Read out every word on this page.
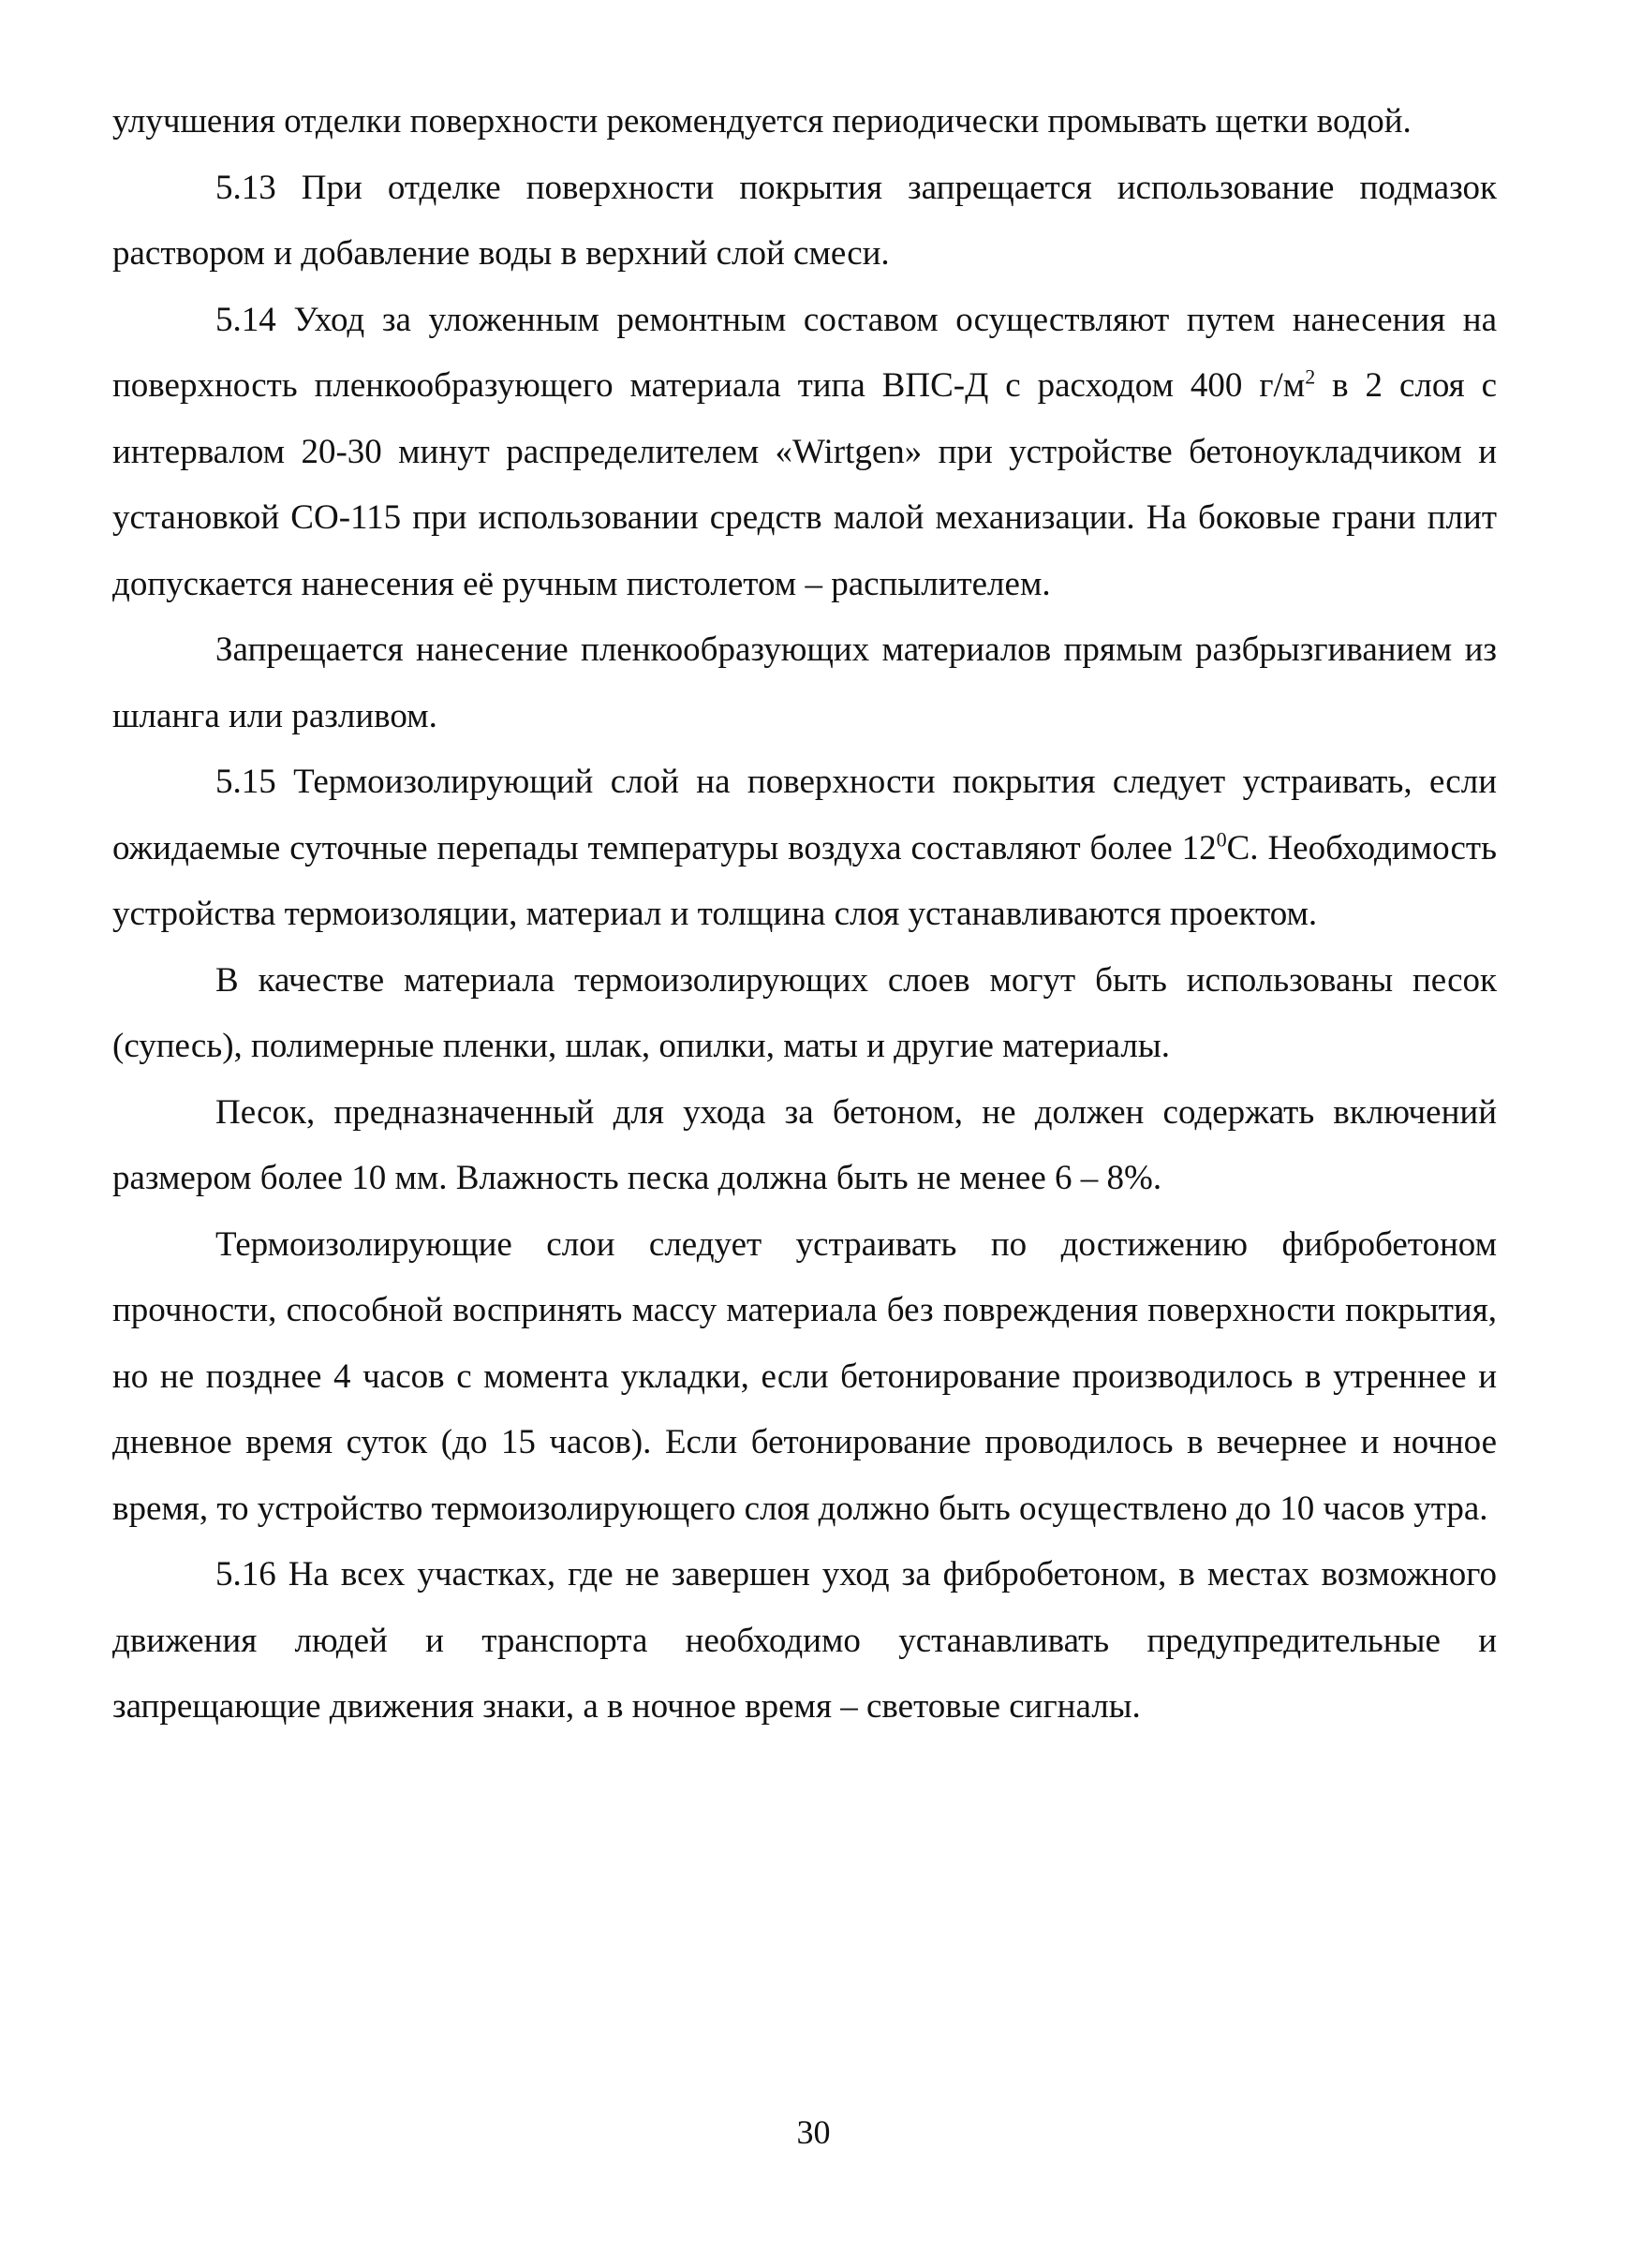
улучшения отделки поверхности рекомендуется периодически промывать щетки водой.

5.13 При отделке поверхности покрытия запрещается использование подмазок раствором и добавление воды в верхний слой смеси.

5.14 Уход за уложенным ремонтным составом осуществляют путем нанесения на поверхность пленкообразующего материала типа ВПС-Д с расходом 400 $г/м^2$ в 2 слоя с интервалом 20-30 минут распределителем «Wirtgen» при устройстве бетоноукладчиком и установкой СО-115 при использовании средств малой механизации. На боковые грани плит допускается нанесения её ручным пистолетом – распылителем.

Запрещается нанесение пленкообразующих материалов прямым разбрызгиванием из шланга или разливом.

5.15 Термоизолирующий слой на поверхности покрытия следует устраивать, если ожидаемые суточные перепады температуры воздуха составляют более $12^0С$. Необходимость устройства термоизоляции, материал и толщина слоя устанавливаются проектом.

В качестве материала термоизолирующих слоев могут быть использованы песок (супесь), полимерные пленки, шлак, опилки, маты и другие материалы.

Песок, предназначенный для ухода за бетоном, не должен содержать включений размером более 10 мм. Влажность песка должна быть не менее 6 – 8%.

Термоизолирующие слои следует устраивать по достижению фибробетоном прочности, способной воспринять массу материала без повреждения поверхности покрытия, но не позднее 4 часов с момента укладки, если бетонирование производилось в утреннее и дневное время суток (до 15 часов). Если бетонирование проводилось в вечернее и ночное время, то устройство термоизолирующего слоя должно быть осуществлено до 10 часов утра.

5.16 На всех участках, где не завершен уход за фибробетоном, в местах возможного движения людей и транспорта необходимо устанавливать предупредительные и запрещающие движения знаки, а в ночное время – световые сигналы.

30
